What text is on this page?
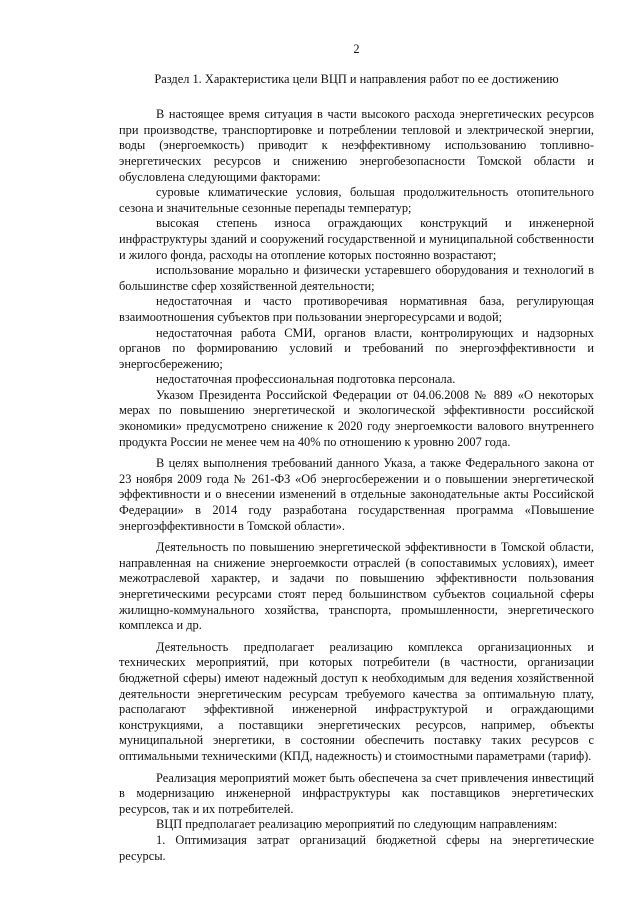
2
Раздел 1. Характеристика цели ВЦП и направления работ по ее достижению

В настоящее время ситуация в части высокого расхода энергетических ресурсов при производстве, транспортировке и потреблении тепловой и электрической энергии, воды (энергоемкость) приводит к неэффективному использованию топливно-энергетических ресурсов и снижению энергобезопасности Томской области и обусловлена следующими факторами:

суровые климатические условия, большая продолжительность отопительного сезона и значительные сезонные перепады температур;

высокая степень износа ограждающих конструкций и инженерной инфраструктуры зданий и сооружений государственной и муниципальной собственности и жилого фонда, расходы на отопление которых постоянно возрастают;

использование морально и физически устаревшего оборудования и технологий в большинстве сфер хозяйственной деятельности;

недостаточная и часто противоречивая нормативная база, регулирующая взаимоотношения субъектов при пользовании энергоресурсами и водой;

недостаточная работа СМИ, органов власти, контролирующих и надзорных органов по формированию условий и требований по энергоэффективности и энергосбережению;

недостаточная профессиональная подготовка персонала.

Указом Президента Российской Федерации от 04.06.2008 № 889 «О некоторых мерах по повышению энергетической и экологической эффективности российской экономики» предусмотрено снижение к 2020 году энергоемкости валового внутреннего продукта России не менее чем на 40% по отношению к уровню 2007 года.

В целях выполнения требований данного Указа, а также Федерального закона от 23 ноября 2009 года № 261-ФЗ «Об энергосбережении и о повышении энергетической эффективности и о внесении изменений в отдельные законодательные акты Российской Федерации» в 2014 году разработана государственная программа «Повышение энергоэффективности в Томской области».

Деятельность по повышению энергетической эффективности в Томской области, направленная на снижение энергоемкости отраслей (в сопоставимых условиях), имеет межотраслевой характер, и задачи по повышению эффективности пользования энергетическими ресурсами стоят перед большинством субъектов социальной сферы жилищно-коммунального хозяйства, транспорта, промышленности, энергетического комплекса и др.

Деятельность предполагает реализацию комплекса организационных и технических мероприятий, при которых потребители (в частности, организации бюджетной сферы) имеют надежный доступ к необходимым для ведения хозяйственной деятельности энергетическим ресурсам требуемого качества за оптимальную плату, располагают эффективной инженерной инфраструктурой и ограждающими конструкциями, а поставщики энергетических ресурсов, например, объекты муниципальной энергетики, в состоянии обеспечить поставку таких ресурсов с оптимальными техническими (КПД, надежность) и стоимостными параметрами (тариф).

Реализация мероприятий может быть обеспечена за счет привлечения инвестиций в модернизацию инженерной инфраструктуры как поставщиков энергетических ресурсов, так и их потребителей.

ВЦП предполагает реализацию мероприятий по следующим направлениям:

1. Оптимизация затрат организаций бюджетной сферы на энергетические ресурсы.
